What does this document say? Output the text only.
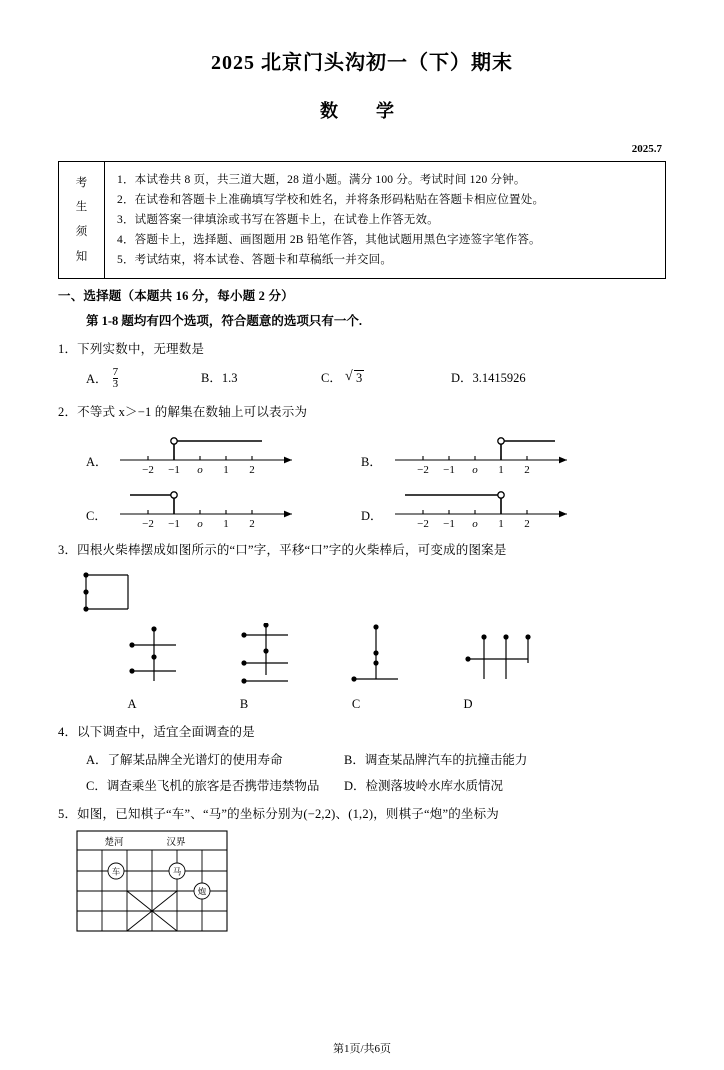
2025 北京门头沟初一（下）期末
数　学
2025.7
考
生
须
知
1．本试卷共 8 页，共三道大题，28 道小题。满分 100 分。考试时间 120 分钟。
2．在试卷和答题卡上准确填写学校和姓名，并将条形码粘贴在答题卡相应位置处。
3．试题答案一律填涂或书写在答题卡上，在试卷上作答无效。
4．答题卡上，选择题、画图题用 2B 铅笔作答，其他试题用黑色字迹签字笔作答。
5．考试结束，将本试卷、答题卡和草稿纸一并交回。
一、选择题（本题共 16 分，每小题 2 分）
第 1-8 题均有四个选项，符合题意的选项只有一个.
1．下列实数中，无理数是
A． $\frac{7}{3}$	B．1.3	C． √ 3	D．3.1415926
2．不等式 x＞−1 的解集在数轴上可以表示为
A．
−2 −1 o 1 2
B．
−2 −1 o 1 2
C．
−2 −1 o 1 2
D．
−2 −1 o 1 2
3．四根火柴棒摆成如图所示的“口”字，平移“口”字的火柴棒后，可变成的图案是
A	B	C	D
4．以下调查中，适宜全面调查的是
A．了解某品牌全光谱灯的使用寿命	B．调查某品牌汽车的抗撞击能力
C．调查乘坐飞机的旅客是否携带违禁物品	D．检测落坡岭水库水质情况
5．如图，已知棋子“车”、“马”的坐标分别为(−2,2)、(1,2)，则棋子“炮”的坐标为
楚河	汉界
车	马
炮
第1页/共6页
